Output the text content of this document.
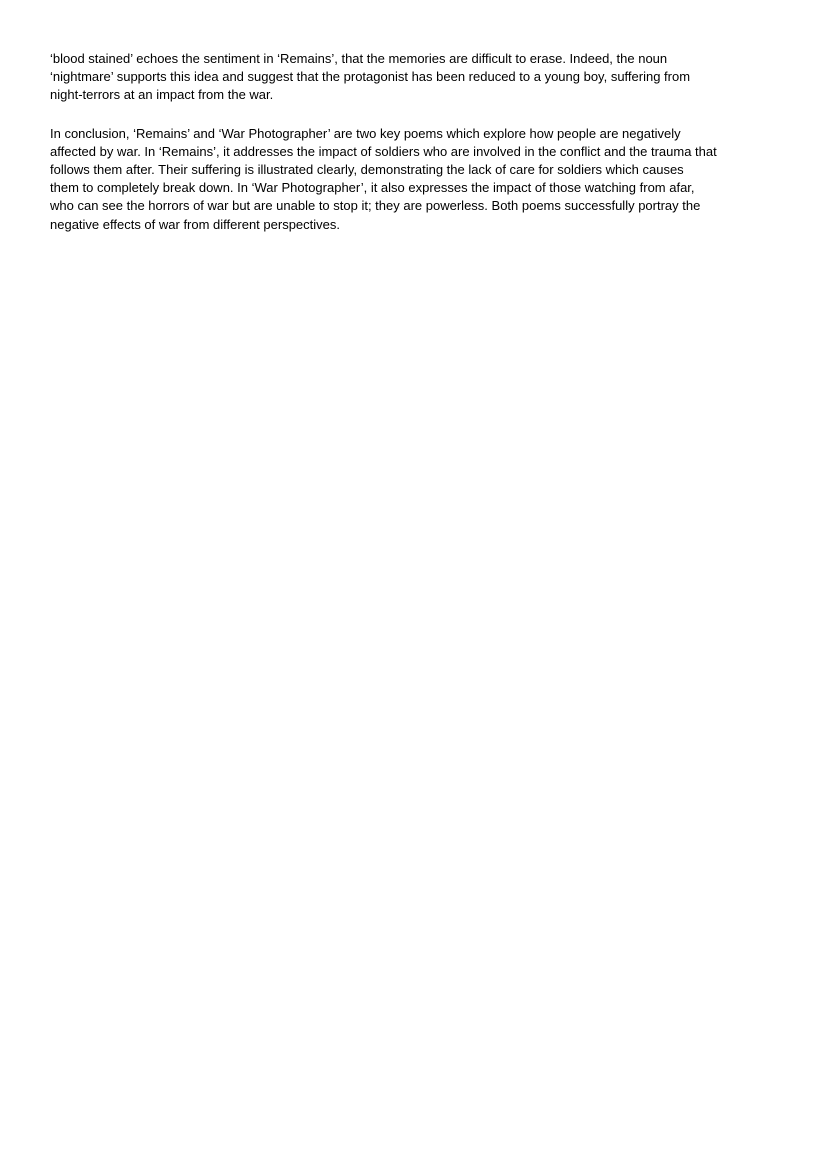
‘blood stained’ echoes the sentiment in ‘Remains’, that the memories are difficult to erase. Indeed, the noun
‘nightmare’ supports this idea and suggest that the protagonist has been reduced to a young boy, suffering from
night-terrors at an impact from the war.

In conclusion, ‘Remains’ and ‘War Photographer’ are two key poems which explore how people are negatively
affected by war. In ‘Remains’, it addresses the impact of soldiers who are involved in the conflict and the trauma that
follows them after. Their suffering is illustrated clearly, demonstrating the lack of care for soldiers which causes
them to completely break down. In ‘War Photographer’, it also expresses the impact of those watching from afar,
who can see the horrors of war but are unable to stop it; they are powerless. Both poems successfully portray the
negative effects of war from different perspectives.
